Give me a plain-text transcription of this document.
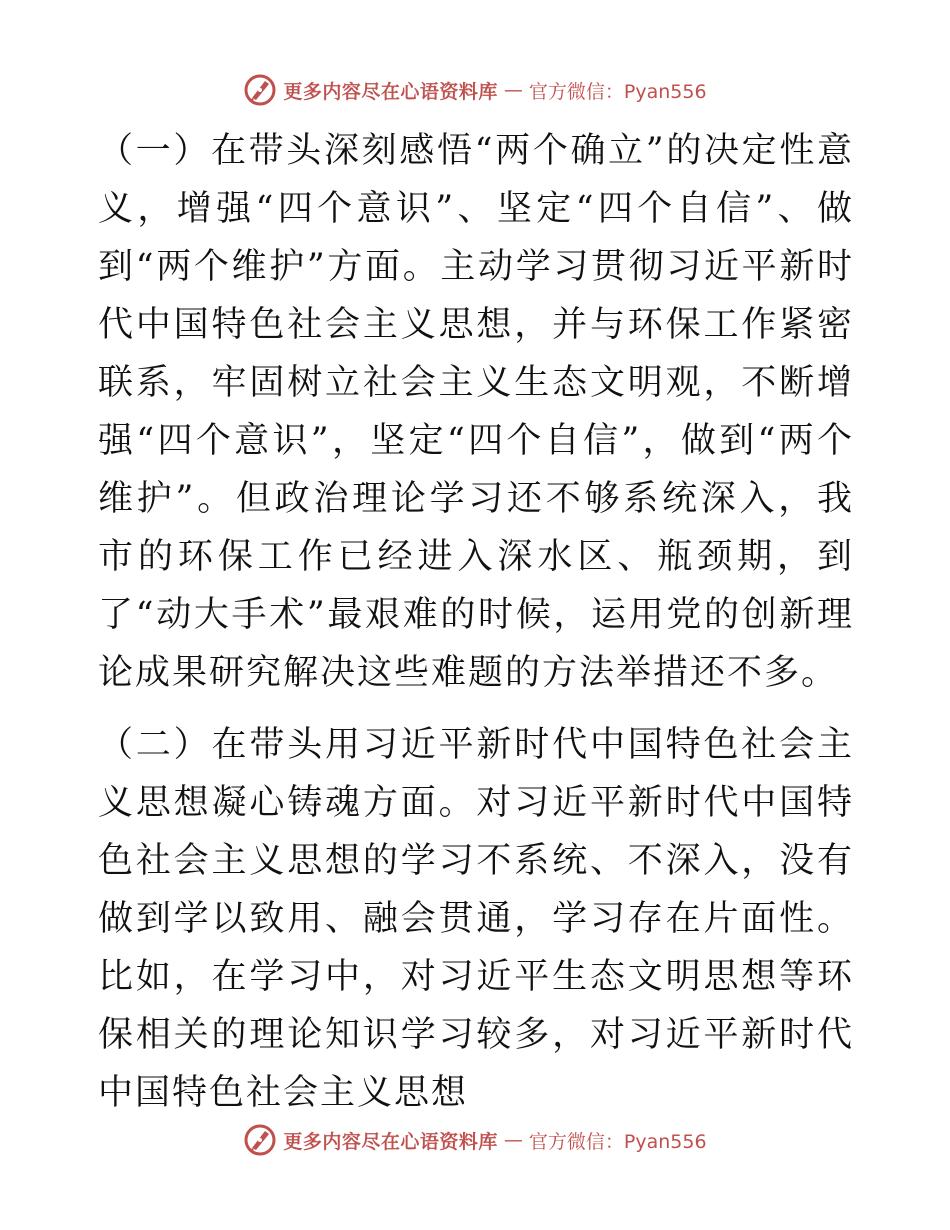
更多内容尽在心语资料库 — 官方微信：Pyan556

（一）在带头深刻感悟“两个确立”的决定性意义，增强“四个意识”、坚定“四个自信”、做到“两个维护”方面。主动学习贯彻习近平新时代中国特色社会主义思想，并与环保工作紧密联系，牢固树立社会主义生态文明观，不断增强“四个意识”，坚定“四个自信”，做到“两个维护”。但政治理论学习还不够系统深入，我市的环保工作已经进入深水区、瓶颈期，到了“动大手术”最艰难的时候，运用党的创新理论成果研究解决这些难题的方法举措还不多。

（二）在带头用习近平新时代中国特色社会主义思想凝心铸魂方面。对习近平新时代中国特色社会主义思想的学习不系统、不深入，没有做到学以致用、融会贯通，学习存在片面性。比如，在学习中，对习近平生态文明思想等环保相关的理论知识学习较多，对习近平新时代中国特色社会主义思想

更多内容尽在心语资料库 — 官方微信：Pyan556
